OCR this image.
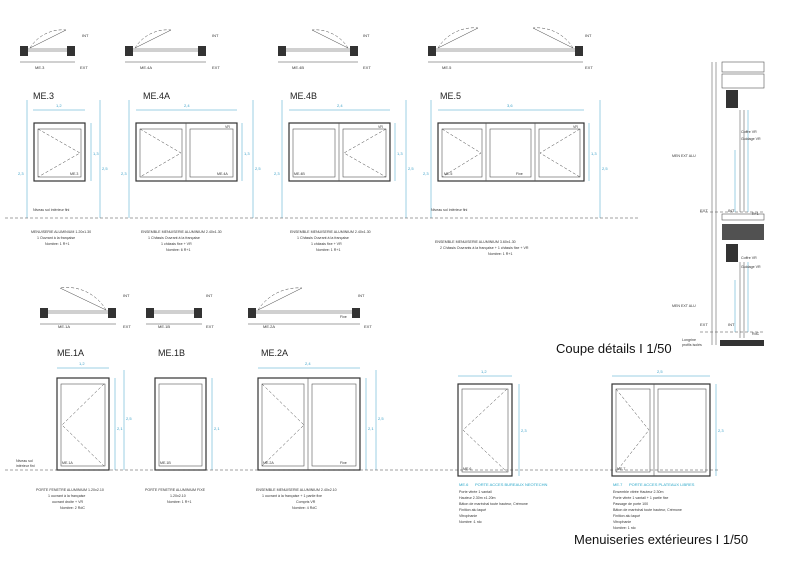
ME.3
INT
EXT	ME.4A
INT
EXT	ME.4B
INT
EXT	ME.5
INT
EXT
ME.3
1,2
ME.3
1,3
2,5
2,3
MENUISERIE ALUMINIUM 1.20x1.30
1 Ouvrant à la française
Nombre: 1 R+1
ME.4A
2,4
VR
ME.4A
1,3
2,5
2,3
ENSEMBLE MENUISERIE ALUMINIUM 2.40x1.30
1 Châssis Ouvrant à la française
1 châssis fixe + VR
Nombre: 6 R+1
ME.4B
2,4
VR
ME.4B
1,3
2,5
2,3
ENSEMBLE MENUISERIE ALUMINIUM 2.40x1.30
1 Châssis Ouvrant à la française
1 châssis fixe + VR
Nombre: 1 R+1
ME.5
3,6
VR
ME.5	Fixe
1,3
2,5
2,3
ENSEMBLE MENUISERIE ALUMINIUM 3.60x1.30
2 Châssis Ouvrants à la française + 1 châssis fixe + VR
Nombre: 1 R+1
Niveau sol intérieur fini	Niveau sol intérieur fini
ME.1A
INT
EXT	ME.1B
INT
EXT	ME.2A
Fixe
INT
EXT
ME.1A
1,2
ME.1A
2,1
2,5
PORTE FENETRE ALUMINIUM 1.20x2.10
1 ouvrant à la française
ouvrant droite + VR
Nombre: 2 RdC
ME.1B
ME.1B
2,1
PORTE FENETRE ALUMINIUM FIXE
1.20x2.10
Nombre: 1 R+1
ME.2A
2,4
ME.2A	Fixe
2,1
2,5
ENSEMBLE MENUISERIE ALUMINIUM 2.40x2.10
1 ouvrant à la française + 1 partie fixe
Compris VR
Nombre: 4 RdC
Niveau sol
intérieur fini
1,2
ME.6
2,3
ME.6 PORTE ACCES BUREAUX NEOTECHN
Porte vitrée 1 vantail
Hauteur 2.30m x1.20m
Bâton de maréchal toute hauteur, Crémone
Finition alu laqué
Vitrophanie
Nombre :1 rdc
2,5
ME.7
2,3
ME.7 PORTE ACCES PLATEAUX LIBRES
Ensemble vitrée Hauteur 2.30m
Porte vitrée 1 vantail + 1 partie fixe
Passage de porte 100
Bâton de maréchal toute hauteur, Crémone
Finition alu laqué
Vitrophanie
Nombre: 1 rdc
Coffre VR
Guidage VR
Coffre VR
Guidage VR
MEN EXT ALU
MEN EXT ALU
EXT
EXT
INT
INT
R+1
RdC
Longrine
profils isolés
Coupe détails I 1/50
Menuiseries extérieures I 1/50
